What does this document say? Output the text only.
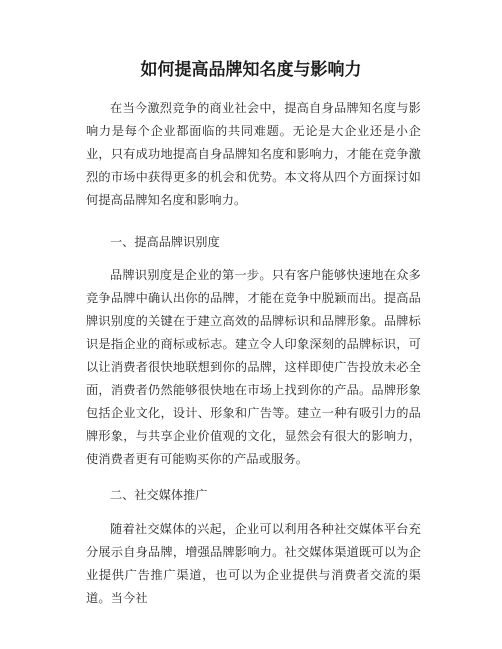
如何提高品牌知名度与影响力

在当今激烈竞争的商业社会中，提高自身品牌知名度与影响力是每个企业都面临的共同难题。无论是大企业还是小企业，只有成功地提高自身品牌知名度和影响力，才能在竞争激烈的市场中获得更多的机会和优势。本文将从四个方面探讨如何提高品牌知名度和影响力。

一、提高品牌识别度

品牌识别度是企业的第一步。只有客户能够快速地在众多竞争品牌中确认出你的品牌，才能在竞争中脱颖而出。提高品牌识别度的关键在于建立高效的品牌标识和品牌形象。品牌标识是指企业的商标或标志。建立令人印象深刻的品牌标识，可以让消费者很快地联想到你的品牌，这样即使广告投放未必全面，消费者仍然能够很快地在市场上找到你的产品。品牌形象包括企业文化，设计、形象和广告等。建立一种有吸引力的品牌形象，与共享企业价值观的文化，显然会有很大的影响力，使消费者更有可能购买你的产品或服务。

二、社交媒体推广

随着社交媒体的兴起，企业可以利用各种社交媒体平台充分展示自身品牌，增强品牌影响力。社交媒体渠道既可以为企业提供广告推广渠道，也可以为企业提供与消费者交流的渠道。当今社
